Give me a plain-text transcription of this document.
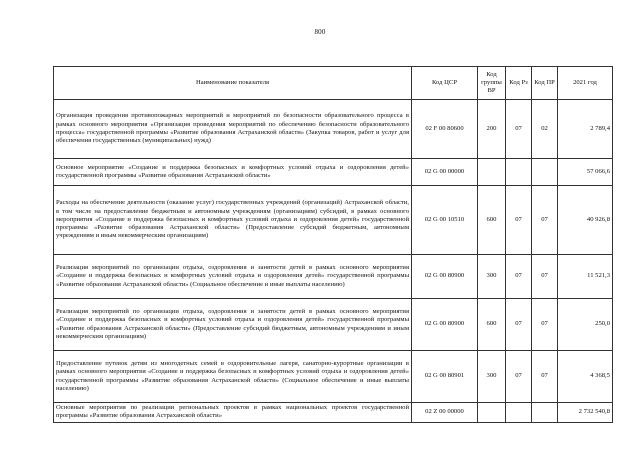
800
Наименование показателя	Код ЦСР	Код группы ВР	Код Рз	Код ПР	2021 год
Организация проведения противопожарных мероприятий и мероприятий по безопасности образовательного процесса в рамках основного мероприятия «Организация проведения мероприятий по обеспечению безопасности образовательного процесса» государственной программы «Развитие образования Астраханской области» (Закупка товаров, работ и услуг для обеспечения государственных (муниципальных) нужд)	02 F 00 80600	200	07	02	2 789,4
Основное мероприятие «Создание и поддержка безопасных и комфортных условий отдыха и оздоровления детей» государственной программы «Развитие образования Астраханской области»	02 G 00 00000				57 066,6
Расходы на обеспечение деятельности (оказание услуг) государственных учреждений (организаций) Астраханской области, в том числе на предоставление бюджетным и автономным учреждениям (организациям) субсидий, в рамках основного мероприятия «Создание и поддержка безопасных и комфортных условий отдыха и оздоровления детей» государственной программы «Развитие образования Астраханской области» (Предоставление субсидий бюджетным, автономным учреждениям и иным некоммерческим организациям)	02 G 00 10510	600	07	07	40 926,8
Реализация мероприятий по организации отдыха, оздоровления и занятости детей в рамках основного мероприятия «Создание и поддержка безопасных и комфортных условий отдыха и оздоровления детей» государственной программы «Развитие образования Астраханской области» (Социальное обеспечение и иные выплаты населению)	02 G 00 80900	300	07	07	11 521,3
Реализация мероприятий по организации отдыха, оздоровления и занятости детей в рамках основного мероприятия «Создание и поддержка безопасных и комфортных условий отдыха и оздоровления детей» государственной программы «Развитие образования Астраханской области» (Предоставление субсидий бюджетным, автономным учреждениям и иным некоммерческим организациям)	02 G 00 80900	600	07	07	250,0
Предоставление путевок детям из многодетных семей в оздоровительные лагеря, санаторно-курортные организации в рамках основного мероприятия «Создание и поддержка безопасных и комфортных условий отдыха и оздоровления детей» государственной программы «Развитие образования Астраханской области» (Социальное обеспечение и иные выплаты населению)	02 G 00 80901	300	07	07	4 368,5
Основные мероприятия по реализации региональных проектов в рамках национальных проектов государственной программы «Развитие образования Астраханской области»	02 Z 00 00000				2 732 540,8
